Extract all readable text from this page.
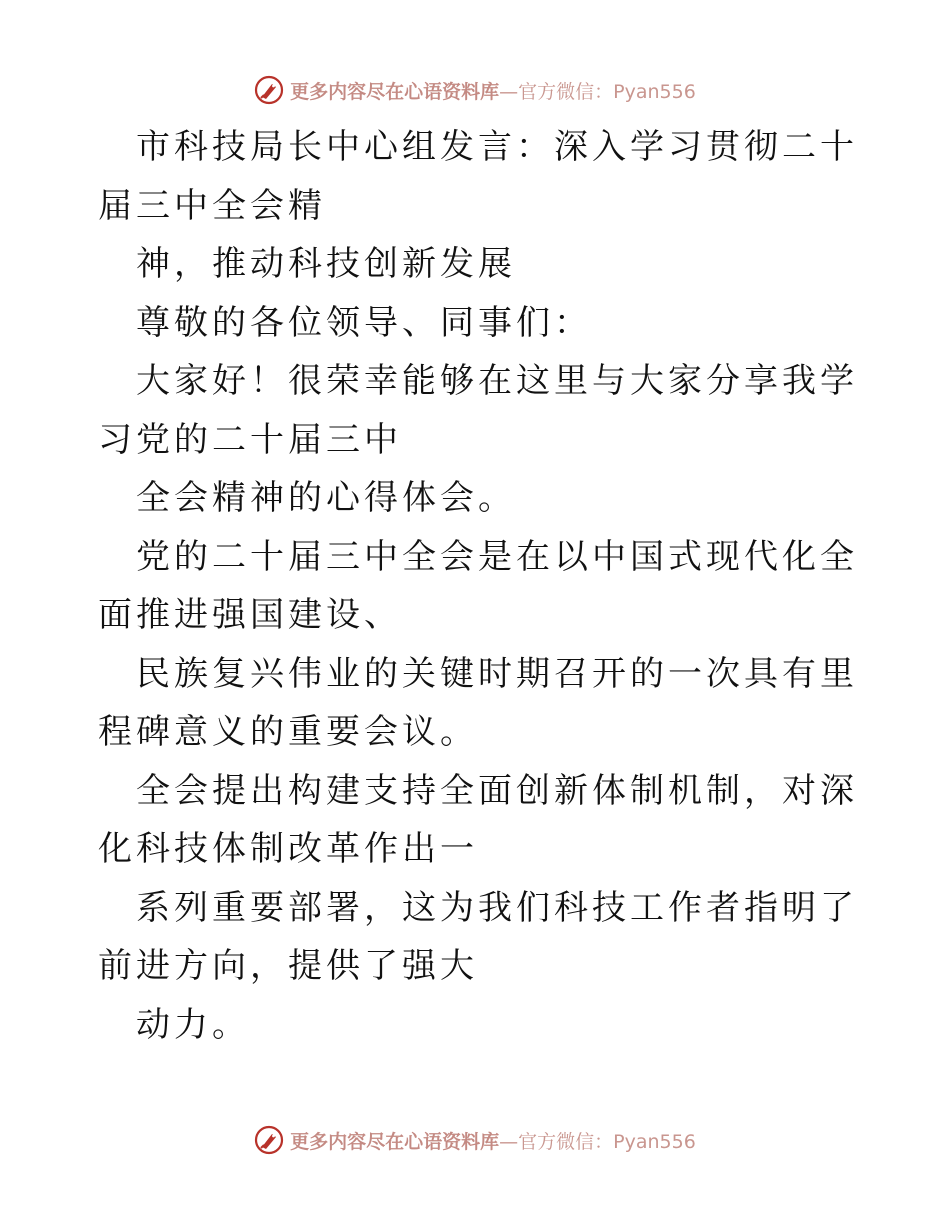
更多内容尽在心语资料库—官方微信：Pyan556

市科技局长中心组发言：深入学习贯彻二十届三中全会精

神，推动科技创新发展

尊敬的各位领导、同事们：

大家好！很荣幸能够在这里与大家分享我学习党的二十届三中

全会精神的心得体会。

党的二十届三中全会是在以中国式现代化全面推进强国建设、

民族复兴伟业的关键时期召开的一次具有里程碑意义的重要会议。

全会提出构建支持全面创新体制机制，对深化科技体制改革作出一

系列重要部署，这为我们科技工作者指明了前进方向，提供了强大

动力。

更多内容尽在心语资料库—官方微信：Pyan556
